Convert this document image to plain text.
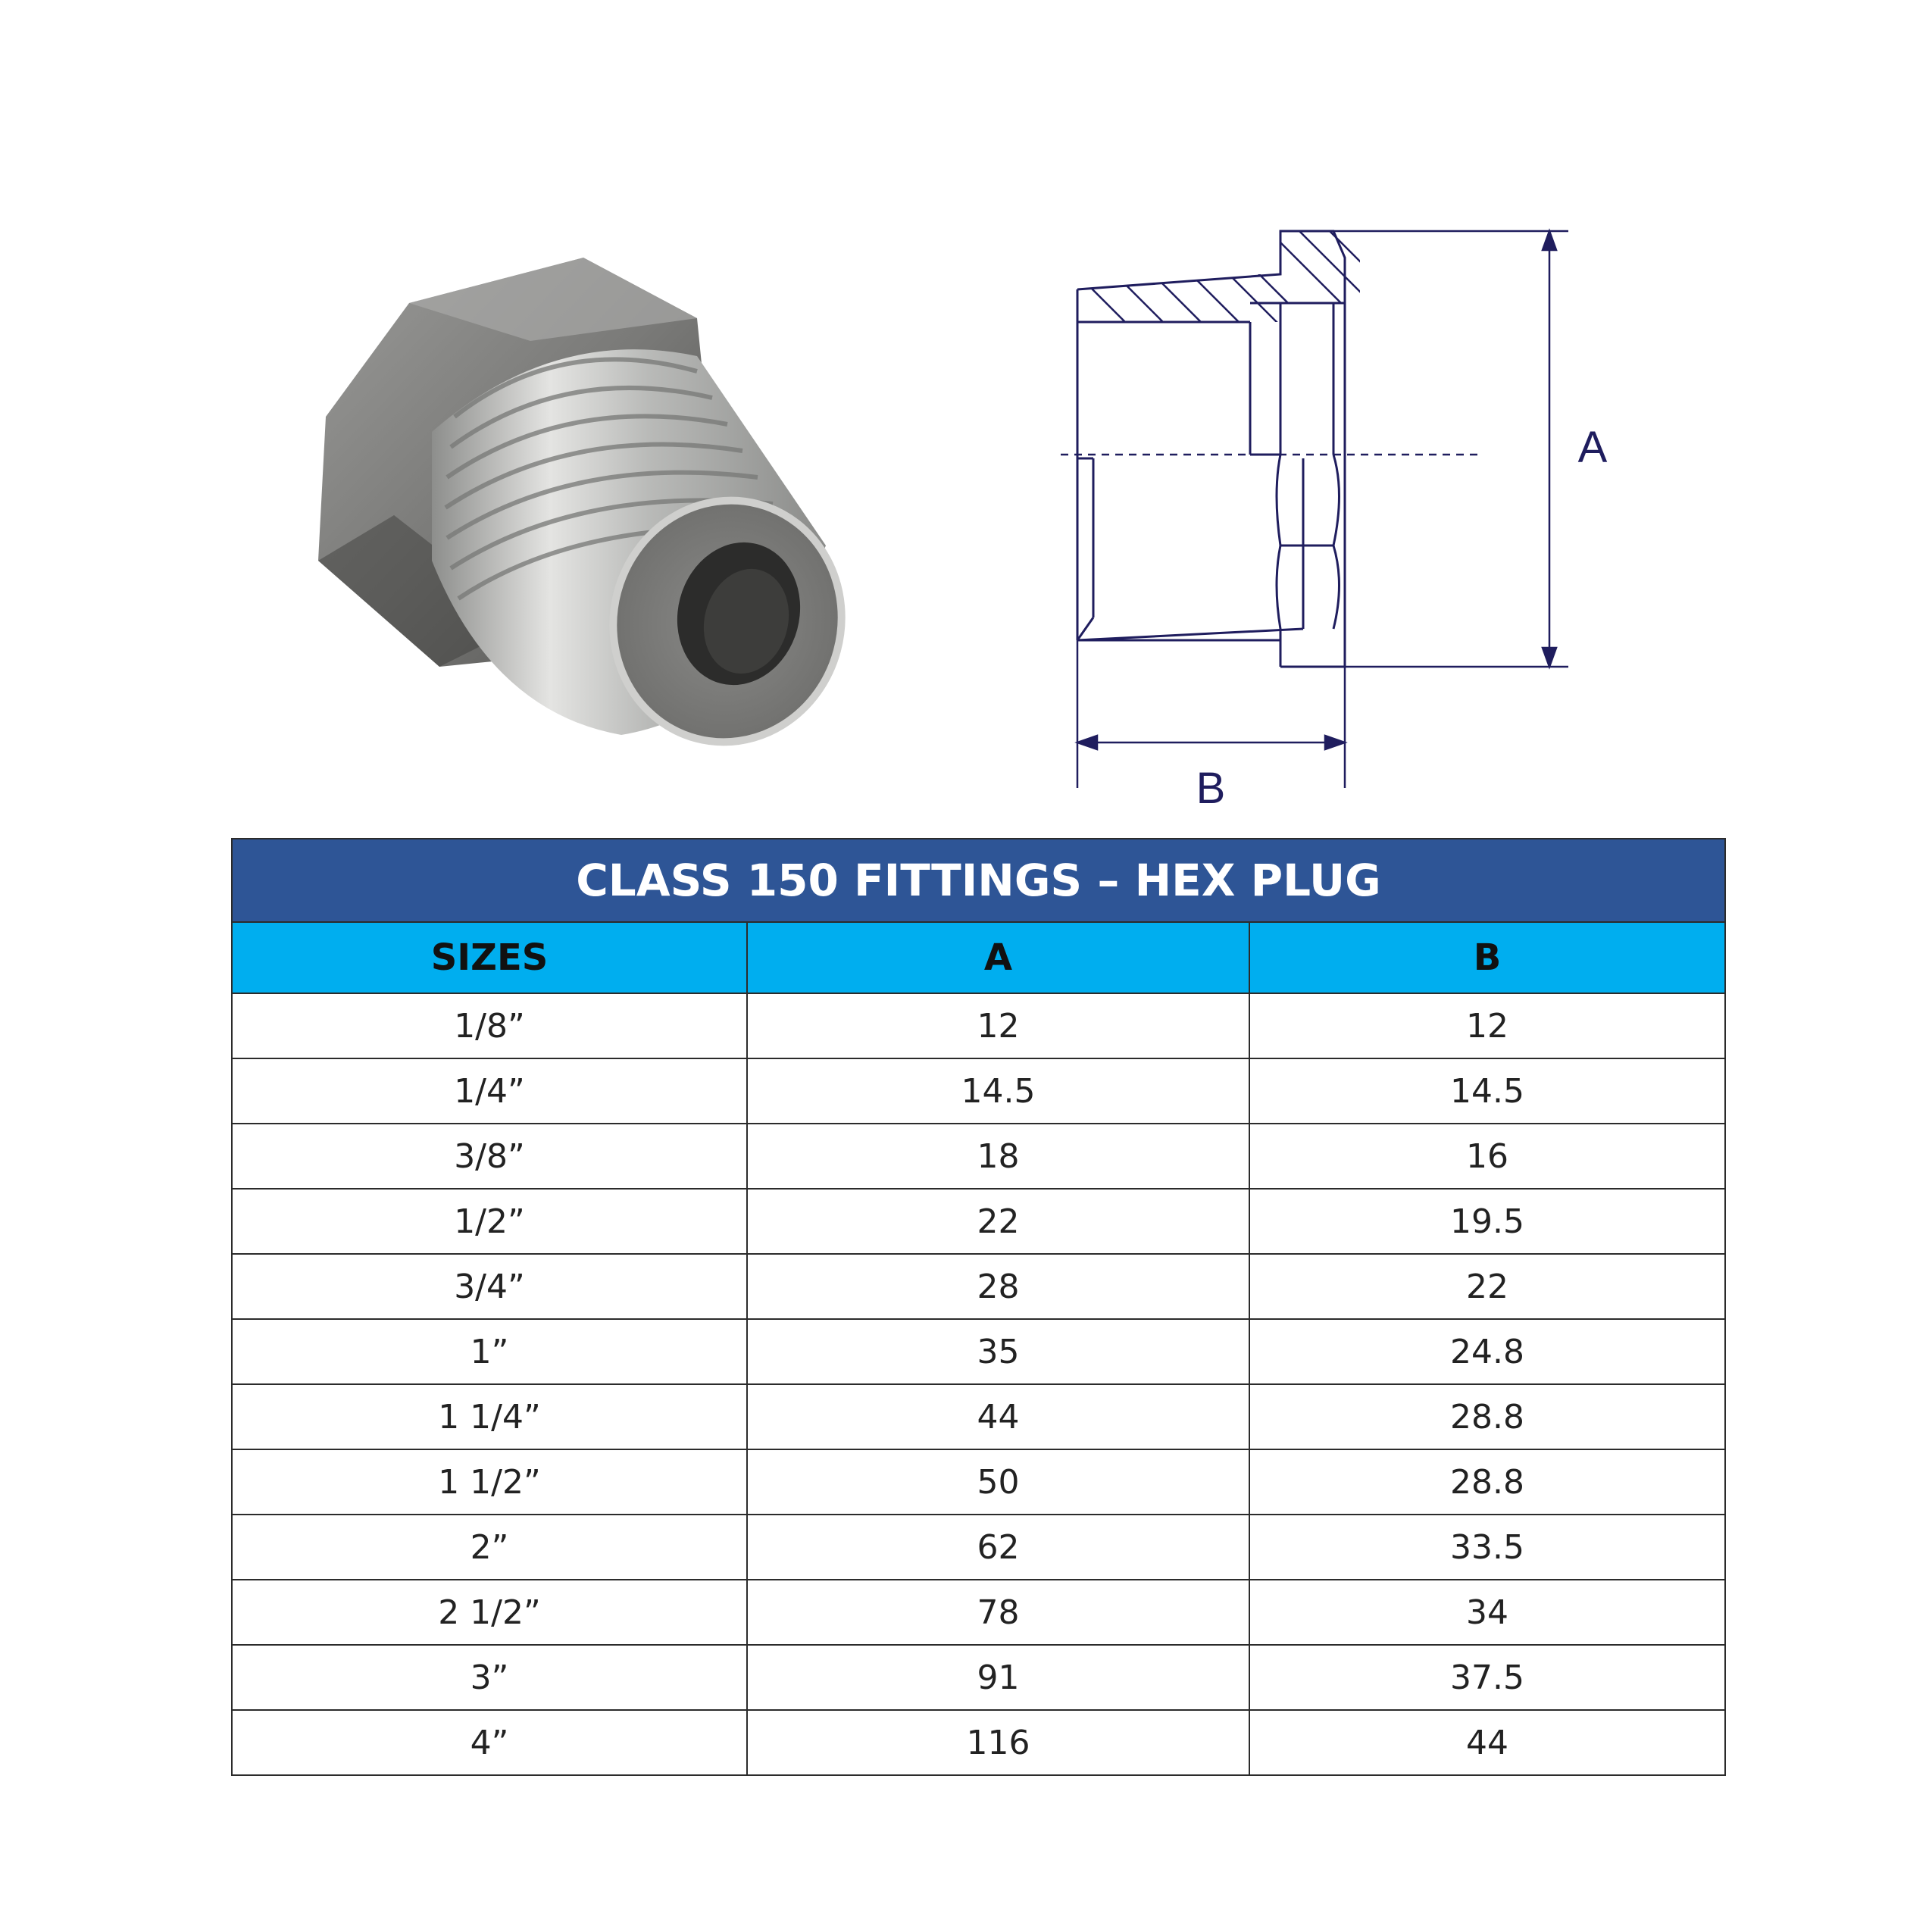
A
B
CLASS 150 FITTINGS – HEX PLUG		
SIZES	A	B
1/8”	12	12
1/4”	14.5	14.5
3/8”	18	16
1/2”	22	19.5
3/4”	28	22
1”	35	24.8
1 1/4”	44	28.8
1 1/2”	50	28.8
2”	62	33.5
2 1/2”	78	34
3”	91	37.5
4”	116	44
